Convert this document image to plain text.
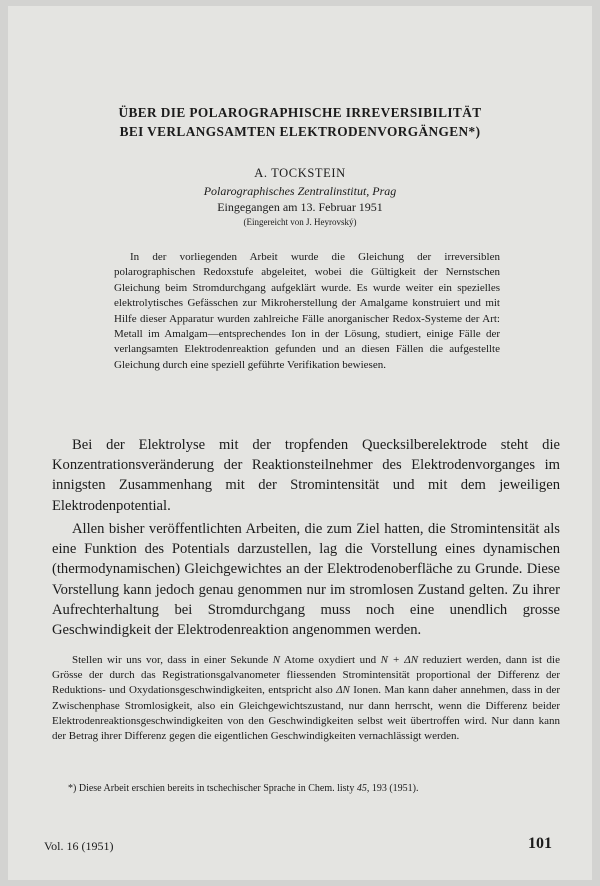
ÜBER DIE POLAROGRAPHISCHE IRREVERSIBILITÄT
BEI VERLANGSAMTEN ELEKTRODENVORGÄNGEN*)

A. TOCKSTEIN
Polarographisches Zentralinstitut, Prag
Eingegangen am 13. Februar 1951
(Eingereicht von J. Heyrovský)

In der vorliegenden Arbeit wurde die Gleichung der irreversiblen polarographischen Redoxstufe abgeleitet, wobei die Gültigkeit der Nernstschen Gleichung beim Stromdurchgang aufgeklärt wurde. Es wurde weiter ein spezielles elektrolytisches Gefässchen zur Mikroherstellung der Amalgame konstruiert und mit Hilfe dieser Apparatur wurden zahlreiche Fälle anorganischer Redox-Systeme der Art: Metall im Amalgam—entsprechendes Ion in der Lösung, studiert, einige Fälle der verlangsamten Elektrodenreaktion gefunden und an diesen Fällen die aufgestellte Gleichung durch eine speziell geführte Verifikation bewiesen.

Bei der Elektrolyse mit der tropfenden Quecksilberelektrode steht die Konzentrationsveränderung der Reaktionsteilnehmer des Elektrodenvorganges im innigsten Zusammenhang mit der Stromintensität und mit dem jeweiligen Elektrodenpotential.

Allen bisher veröffentlichten Arbeiten, die zum Ziel hatten, die Stromintensität als eine Funktion des Potentials darzustellen, lag die Vorstellung eines dynamischen (thermodynamischen) Gleichgewichtes an der Elektrodenoberfläche zu Grunde. Diese Vorstellung kann jedoch genau genommen nur im stromlosen Zustand gelten. Zu ihrer Aufrechterhaltung bei Stromdurchgang muss noch eine unendlich grosse Geschwindigkeit der Elektrodenreaktion angenommen werden.

Stellen wir uns vor, dass in einer Sekunde N Atome oxydiert und N + ΔN reduziert werden, dann ist die Grösse der durch das Registrationsgalvanometer fliessenden Stromintensität proportional der Differenz der Reduktions- und Oxydationsgeschwindigkeiten, entspricht also ΔN Ionen. Man kann daher annehmen, dass in der Zwischenphase Stromlosigkeit, also ein Gleichgewichtszustand, nur dann herrscht, wenn die Differenz beider Elektrodenreaktionsgeschwindigkeiten von den Geschwindigkeiten selbst weit übertroffen wird. Nur dann kann der Betrag ihrer Differenz gegen die eigentlichen Geschwindigkeiten vernachlässigt werden.

*) Diese Arbeit erschien bereits in tschechischer Sprache in Chem. listy 45, 193 (1951).

Vol. 16 (1951)	101
